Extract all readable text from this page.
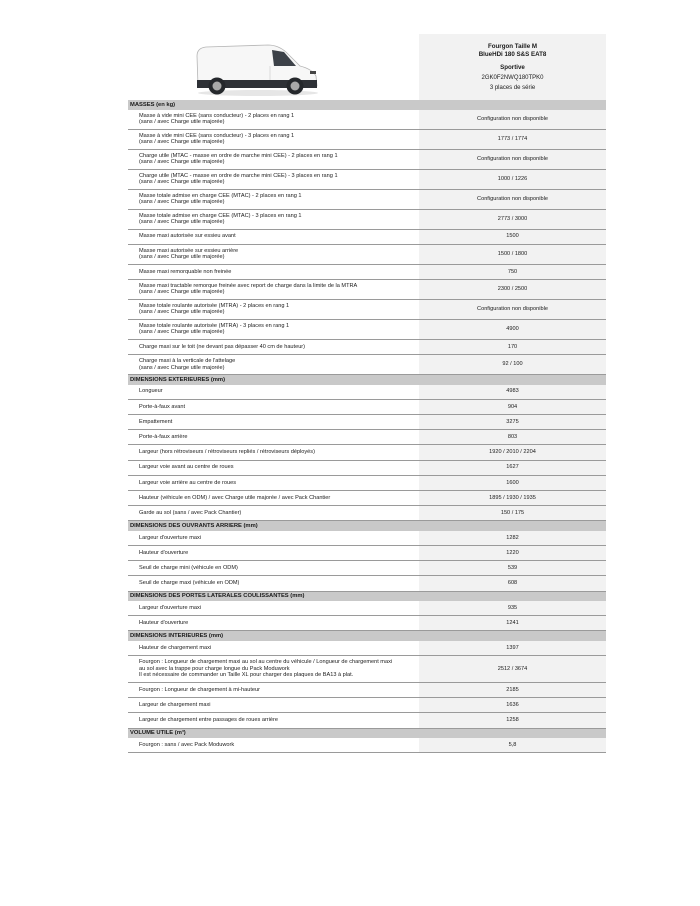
Fourgon Taille M
BlueHDi 180 S&S EAT8
Sportive
2GK0F2NWQ180TPK0
3 places de série
MASSES (en kg)	

Masse à vide mini CEE (sans conducteur) - 2 places en rang 1
(sans / avec Charge utile majorée)	Configuration non disponible

Masse à vide mini CEE (sans conducteur) - 3 places en rang 1
(sans / avec Charge utile majorée)	1773 / 1774

Charge utile (MTAC - masse en ordre de marche mini CEE) - 2 places en rang 1
(sans / avec Charge utile majorée)	Configuration non disponible

Charge utile (MTAC - masse en ordre de marche mini CEE) - 3 places en rang 1
(sans / avec Charge utile majorée)	1000 / 1226

Masse totale admise en charge CEE (MTAC) - 2 places en rang 1
(sans / avec Charge utile majorée)	Configuration non disponible

Masse totale admise en charge CEE (MTAC) - 3 places en rang 1
(sans / avec Charge utile majorée)	2773 / 3000

Masse maxi autorisée sur essieu avant	1500

Masse maxi autorisée sur essieu arrière
(sans / avec Charge utile majorée)	1500 / 1800

Masse maxi remorquable non freinée	750

Masse maxi tractable remorque freinée avec report de charge dans la limite de la MTRA
(sans / avec Charge utile majorée)	2300 / 2500

Masse totale roulante autorisée (MTRA) - 2 places en rang 1
(sans / avec Charge utile majorée)	Configuration non disponible

Masse totale roulante autorisée (MTRA) - 3 places en rang 1
(sans / avec Charge utile majorée)	4900

Charge maxi sur le toit (ne devant pas dépasser 40 cm de hauteur)	170

Charge maxi à la verticale de l'attelage
(sans / avec Charge utile majorée)	92 / 100
DIMENSIONS EXTERIEURES (mm)	

Longueur	4983

Porte-à-faux avant	904

Empattement	3275

Porte-à-faux arrière	803

Largeur (hors rétroviseurs / rétroviseurs repliés / rétroviseurs déployés)	1920 / 2010 / 2204

Largeur voie avant au centre de roues	1627

Largeur voie arrière au centre de roues	1600

Hauteur (véhicule en ODM) / avec Charge utile majorée / avec Pack Chantier	1895 / 1930 / 1935

Garde au sol (sans / avec Pack Chantier)	150 / 175
DIMENSIONS DES OUVRANTS ARRIERE (mm)	

Largeur d'ouverture maxi	1282

Hauteur d'ouverture	1220

Seuil de charge mini (véhicule en ODM)	539

Seuil de charge maxi (véhicule en ODM)	608
DIMENSIONS DES PORTES LATERALES COULISSANTES (mm)	

Largeur d'ouverture maxi	935

Hauteur d'ouverture	1241
DIMENSIONS INTERIEURES (mm)	

Hauteur de chargement maxi	1397

Fourgon : Longueur de chargement maxi au sol au centre du véhicule / Longueur de chargement maxi
au sol avec la trappe pour charge longue du Pack Moduwork
Il est nécessaire de commander un Taille XL pour charger des plaques de BA13 à plat.	2512 / 3674

Fourgon : Longueur de chargement à mi-hauteur	2185

Largeur de chargement maxi	1636

Largeur de chargement entre passages de roues arrière	1258
VOLUME UTILE (m³)	

Fourgon : sans / avec Pack Moduwork	5,8
